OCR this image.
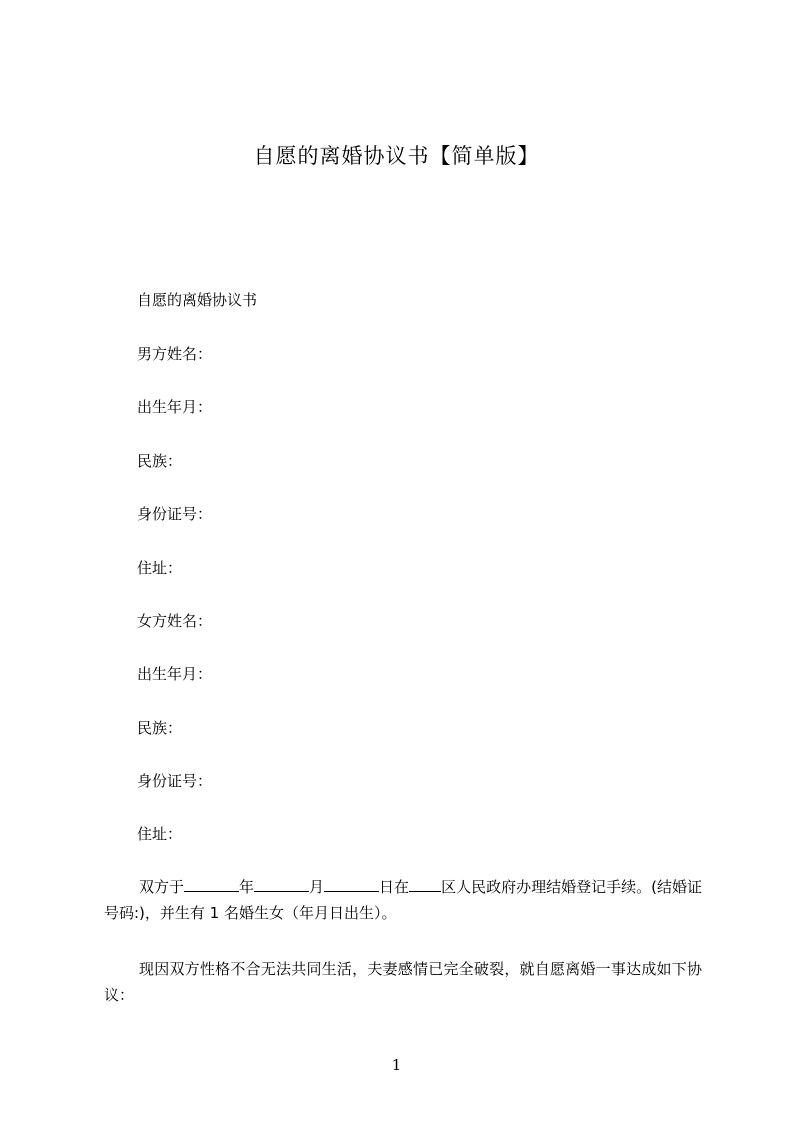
自愿的离婚协议书【简单版】
自愿的离婚协议书
男方姓名：
出生年月：
民族：
身份证号：
住址：
女方姓名：
出生年月：
民族：
身份证号：
住址：
双方于	年	月	日在 区人民政府办理结婚登记手续。(结婚证号码:)，并生有 1 名婚生女（年月日出生）。
现因双方性格不合无法共同生活，夫妻感情已完全破裂，就自愿离婚一事达成如下协议：
1
